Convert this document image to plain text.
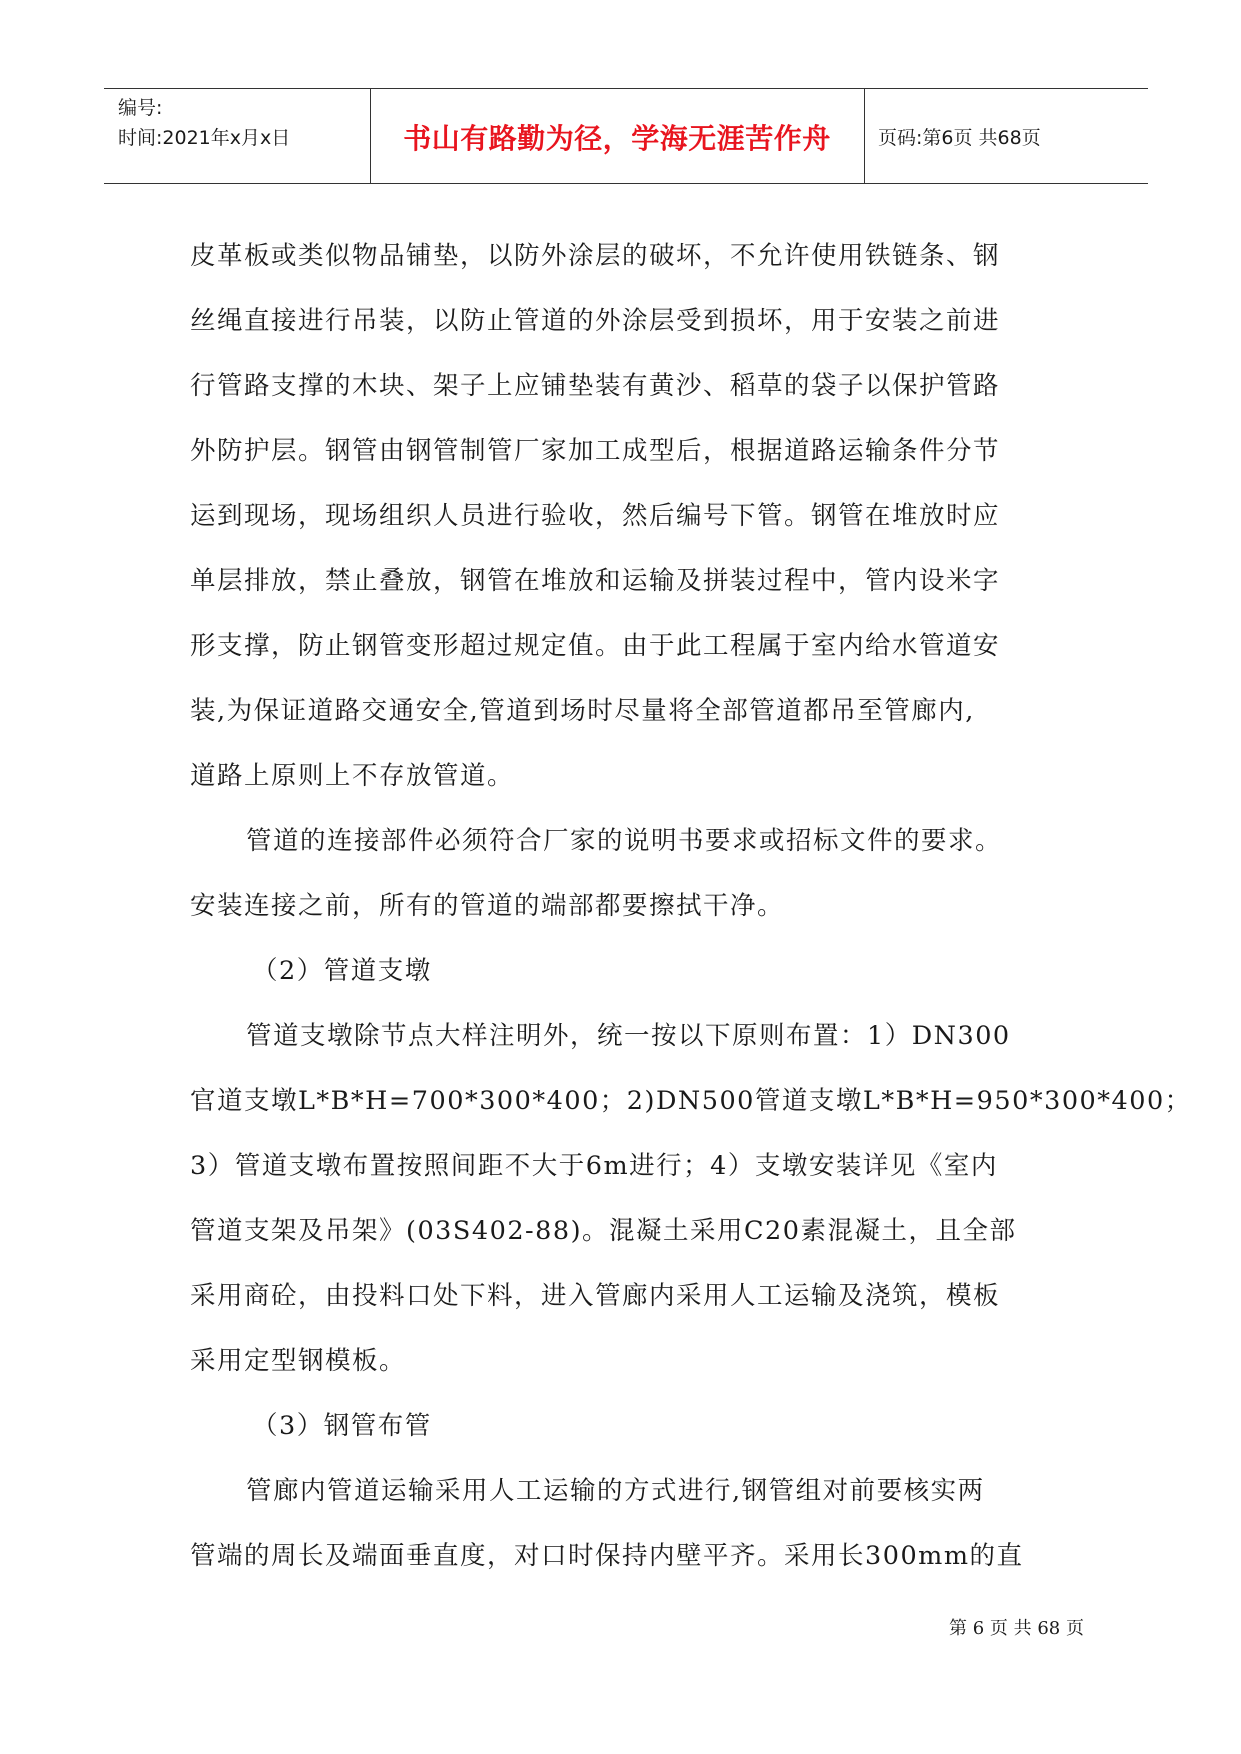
编号:
时间:2021年x月x日	书山有路勤为径，学海无涯苦作舟	页码:第6页 共68页
皮革板或类似物品铺垫，以防外涂层的破坏，不允许使用铁链条、钢
丝绳直接进行吊装，以防止管道的外涂层受到损坏，用于安装之前进
行管路支撑的木块、架子上应铺垫装有黄沙、稻草的袋子以保护管路
外防护层。钢管由钢管制管厂家加工成型后，根据道路运输条件分节
运到现场，现场组织人员进行验收，然后编号下管。钢管在堆放时应
单层排放，禁止叠放，钢管在堆放和运输及拼装过程中，管内设米字
形支撑，防止钢管变形超过规定值。由于此工程属于室内给水管道安
装,为保证道路交通安全,管道到场时尽量将全部管道都吊至管廊内,
道路上原则上不存放管道。
管道的连接部件必须符合厂家的说明书要求或招标文件的要求。
安装连接之前，所有的管道的端部都要擦拭干净。
（2）管道支墩
管道支墩除节点大样注明外，统一按以下原则布置：1）DN300
官道支墩L*B*H=700*300*400；2)DN500管道支墩L*B*H=950*300*400；
3）管道支墩布置按照间距不大于6m进行；4）支墩安装详见《室内
管道支架及吊架》(03S402-88)。混凝土采用C20素混凝土，且全部
采用商砼，由投料口处下料，进入管廊内采用人工运输及浇筑，模板
采用定型钢模板。
（3）钢管布管
管廊内管道运输采用人工运输的方式进行,钢管组对前要核实两
管端的周长及端面垂直度，对口时保持内壁平齐。采用长300mm的直
第 6 页 共 68 页
